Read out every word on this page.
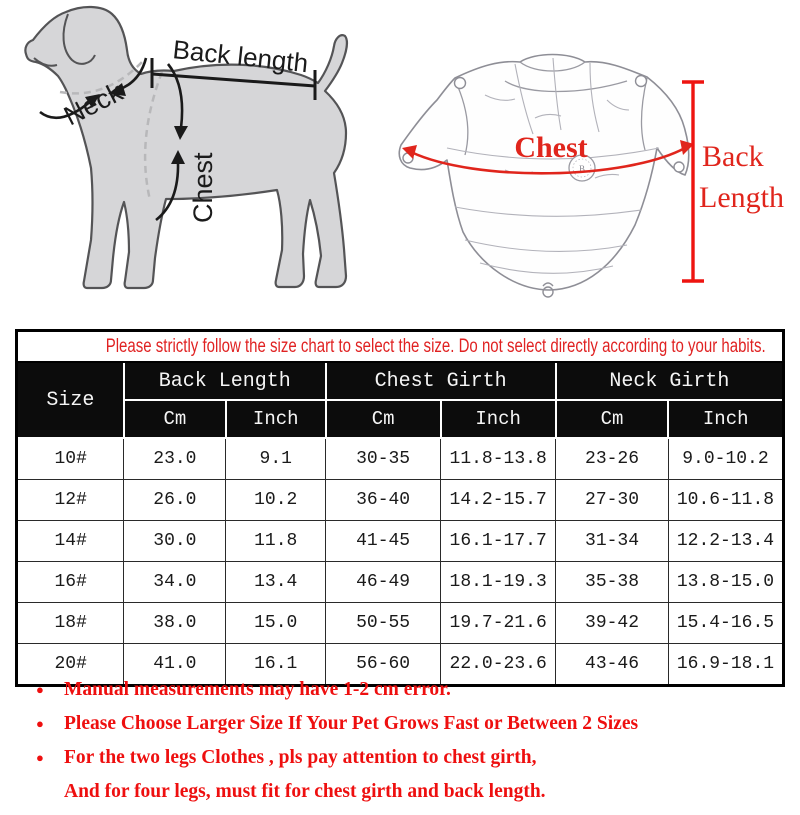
Back length
Neck
Chest	B
Chest	Back
Length
Please strictly follow the size chart to select the size. Do not select directly according to your habits.						
Size	Back Length		Chest Girth		Neck Girth	
	Cm	Inch	Cm	Inch	Cm	Inch
10#	23.0	9.1	30-35	11.8-13.8	23-26	9.0-10.2
12#	26.0	10.2	36-40	14.2-15.7	27-30	10.6-11.8
14#	30.0	11.8	41-45	16.1-17.7	31-34	12.2-13.4
16#	34.0	13.4	46-49	18.1-19.3	35-38	13.8-15.0
18#	38.0	15.0	50-55	19.7-21.6	39-42	15.4-16.5
20#	41.0	16.1	56-60	22.0-23.6	43-46	16.9-18.1
●	Manual measurements may have 1-2 cm error.
●	Please Choose Larger Size If Your Pet Grows Fast or Between 2 Sizes
●	For the two legs Clothes , pls pay attention to chest girth,
And for four legs, must fit for chest girth and back length.
